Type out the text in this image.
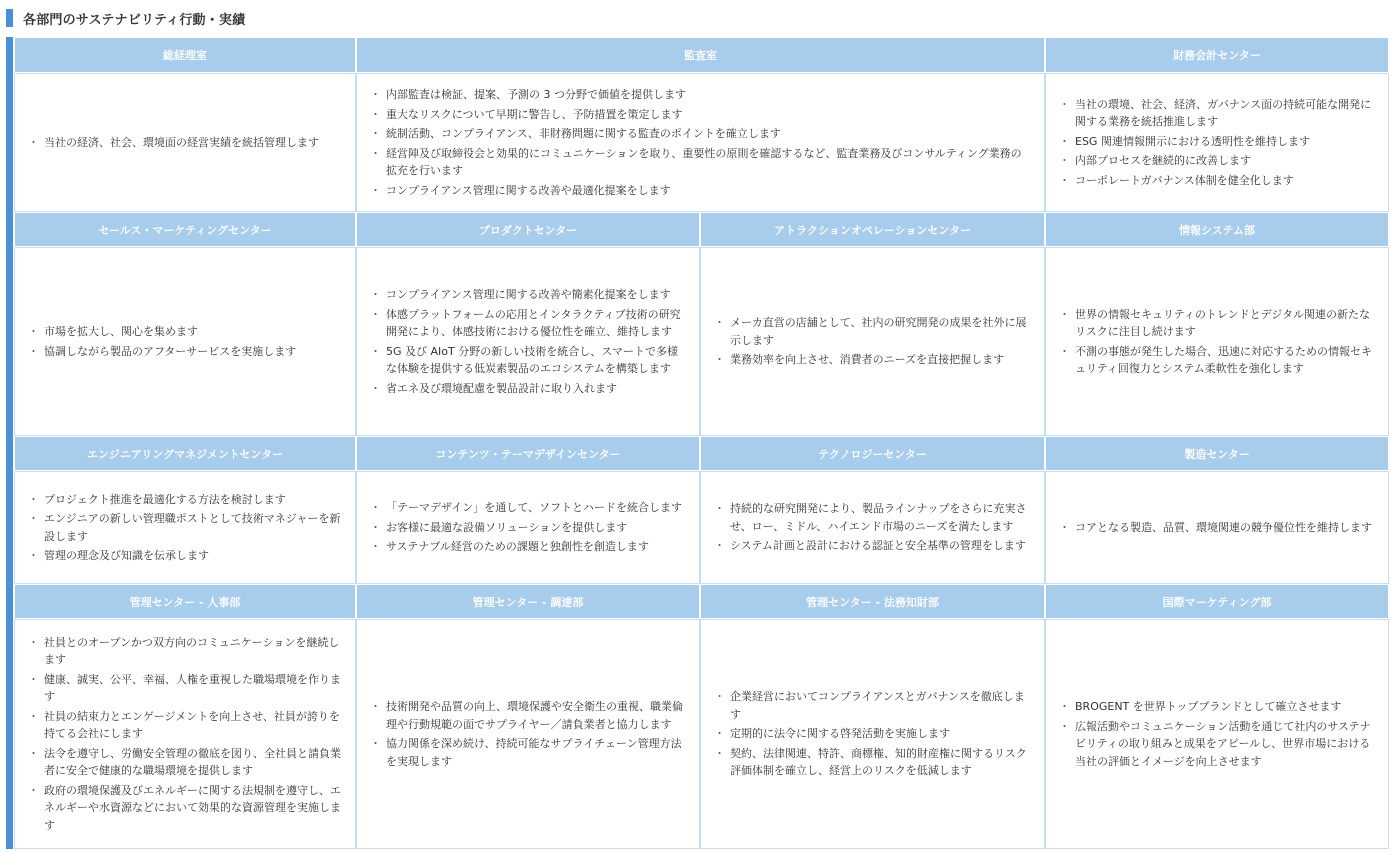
各部門のサステナビリティ行動・実績
総経理室
・ 当社の経済、社会、環境面の経営実績を統括管理します
監査室
・ 内部監査は検証、提案、予測の 3 つ分野で価値を提供します
・ 重大なリスクについて早期に警告し、予防措置を策定します
・ 統制活動、コンプライアンス、非財務問題に関する監査のポイントを確立します
・ 経営陣及び取締役会と効果的にコミュニケーションを取り、重要性の原則を確認するなど、監査業務及びコンサルティング業務の拡充を行います
・ コンプライアンス管理に関する改善や最適化提案をします
財務会計センター
・ 当社の環境、社会、経済、ガバナンス面の持続可能な開発に関する業務を統括推進します
・ ESG 関連情報開示における透明性を維持します
・ 内部プロセスを継続的に改善します
・ コーポレートガバナンス体制を健全化します
セールス・マーケティングセンター
・ 市場を拡大し、関心を集めます
・ 協調しながら製品のアフターサービスを実施します
プロダクトセンター
・ コンプライアンス管理に関する改善や簡素化提案をします
・ 体感プラットフォームの応用とインタラクティブ技術の研究開発により、体感技術における優位性を確立、維持します
・ 5G 及び AIoT 分野の新しい技術を統合し、スマートで多様な体験を提供する低炭素製品のエコシステムを構築します
・ 省エネ及び環境配慮を製品設計に取り入れます
アトラクションオペレーションセンター
・ メーカ直営の店舗として、社内の研究開発の成果を社外に展示します
・ 業務効率を向上させ、消費者のニーズを直接把握します
情報システム部
・ 世界の情報セキュリティのトレンドとデジタル関連の新たなリスクに注目し続けます
・ 不測の事態が発生した場合、迅速に対応するための情報セキュリティ回復力とシステム柔軟性を強化します
エンジニアリングマネジメントセンター
・ プロジェクト推進を最適化する方法を検討します
・ エンジニアの新しい管理職ポストとして技術マネジャーを新設します
・ 管理の理念及び知識を伝承します
コンテンツ・テーマデザインセンター
・ 「テーマデザイン」を通して、ソフトとハードを統合します
・ お客様に最適な設備ソリューションを提供します
・ サステナブル経営のための課題と独創性を創造します
テクノロジーセンター
・ 持続的な研究開発により、製品ラインナップをさらに充実させ、ロー、ミドル、ハイエンド市場のニーズを満たします
・ システム計画と設計における認証と安全基準の管理をします
製造センター
・ コアとなる製造、品質、環境関連の競争優位性を維持します
管理センター - 人事部
・ 社員とのオープンかつ双方向のコミュニケーションを継続します
・ 健康、誠実、公平、幸福、人権を重視した職場環境を作ります
・ 社員の結束力とエンゲージメントを向上させ、社員が誇りを持てる会社にします
・ 法令を遵守し、労働安全管理の徹底を図り、全社員と請負業者に安全で健康的な職場環境を提供します
・ 政府の環境保護及びエネルギーに関する法規制を遵守し、エネルギーや水資源などにおいて効果的な資源管理を実施します
管理センター - 調達部
・ 技術開発や品質の向上、環境保護や安全衛生の重視、職業倫理や行動規範の面でサプライヤー／請負業者と協力します
・ 協力関係を深め続け、持続可能なサプライチェーン管理方法を実現します
管理センター - 法務知財部
・ 企業経営においてコンプライアンスとガバナンスを徹底します
・ 定期的に法令に関する啓発活動を実施します
・ 契約、法律関連、特許、商標権、知的財産権に関するリスク評価体制を確立し、経営上のリスクを低減します
国際マーケティング部
・ BROGENT を世界トップブランドとして確立させます
・ 広報活動やコミュニケーション活動を通じて社内のサステナビリティの取り組みと成果をアピールし、世界市場における当社の評価とイメージを向上させます
